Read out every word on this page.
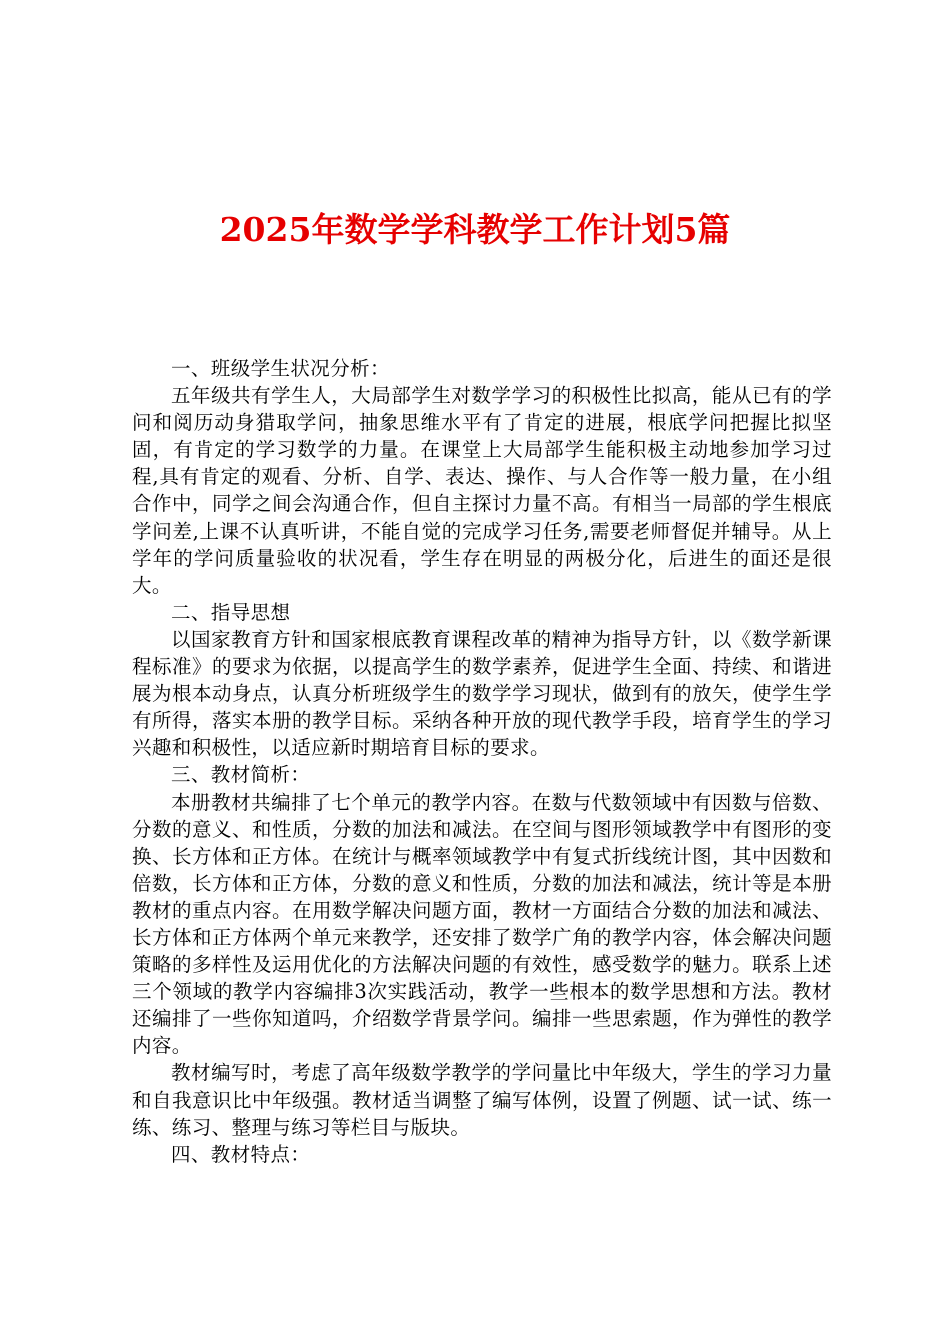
2025年数学学科教学工作计划5篇

一、班级学生状况分析：

五年级共有学生人，大局部学生对数学学习的积极性比拟高，能从已有的学问和阅历动身猎取学问，抽象思维水平有了肯定的进展，根底学问把握比拟坚固，有肯定的学习数学的力量。在课堂上大局部学生能积极主动地参加学习过程,具有肯定的观看、分析、自学、表达、操作、与人合作等一般力量，在小组合作中，同学之间会沟通合作，但自主探讨力量不高。有相当一局部的学生根底学问差,上课不认真听讲，不能自觉的完成学习任务,需要老师督促并辅导。从上学年的学问质量验收的状况看，学生存在明显的两极分化，后进生的面还是很大。

二、指导思想

以国家教育方针和国家根底教育课程改革的精神为指导方针，以《数学新课程标准》的要求为依据，以提高学生的数学素养，促进学生全面、持续、和谐进展为根本动身点，认真分析班级学生的数学学习现状，做到有的放矢，使学生学有所得，落实本册的教学目标。采纳各种开放的现代教学手段，培育学生的学习兴趣和积极性，以适应新时期培育目标的要求。

三、教材简析：

本册教材共编排了七个单元的教学内容。在数与代数领域中有因数与倍数、分数的意义、和性质，分数的加法和减法。在空间与图形领域教学中有图形的变换、长方体和正方体。在统计与概率领域教学中有复式折线统计图，其中因数和倍数，长方体和正方体，分数的意义和性质，分数的加法和减法，统计等是本册教材的重点内容。在用数学解决问题方面，教材一方面结合分数的加法和减法、长方体和正方体两个单元来教学，还安排了数学广角的教学内容，体会解决问题策略的多样性及运用优化的方法解决问题的有效性，感受数学的魅力。联系上述三个领域的教学内容编排3次实践活动，教学一些根本的数学思想和方法。教材还编排了一些你知道吗，介绍数学背景学问。编排一些思索题，作为弹性的教学内容。

教材编写时，考虑了高年级数学教学的学问量比中年级大，学生的学习力量和自我意识比中年级强。教材适当调整了编写体例，设置了例题、试一试、练一练、练习、整理与练习等栏目与版块。

四、教材特点：
